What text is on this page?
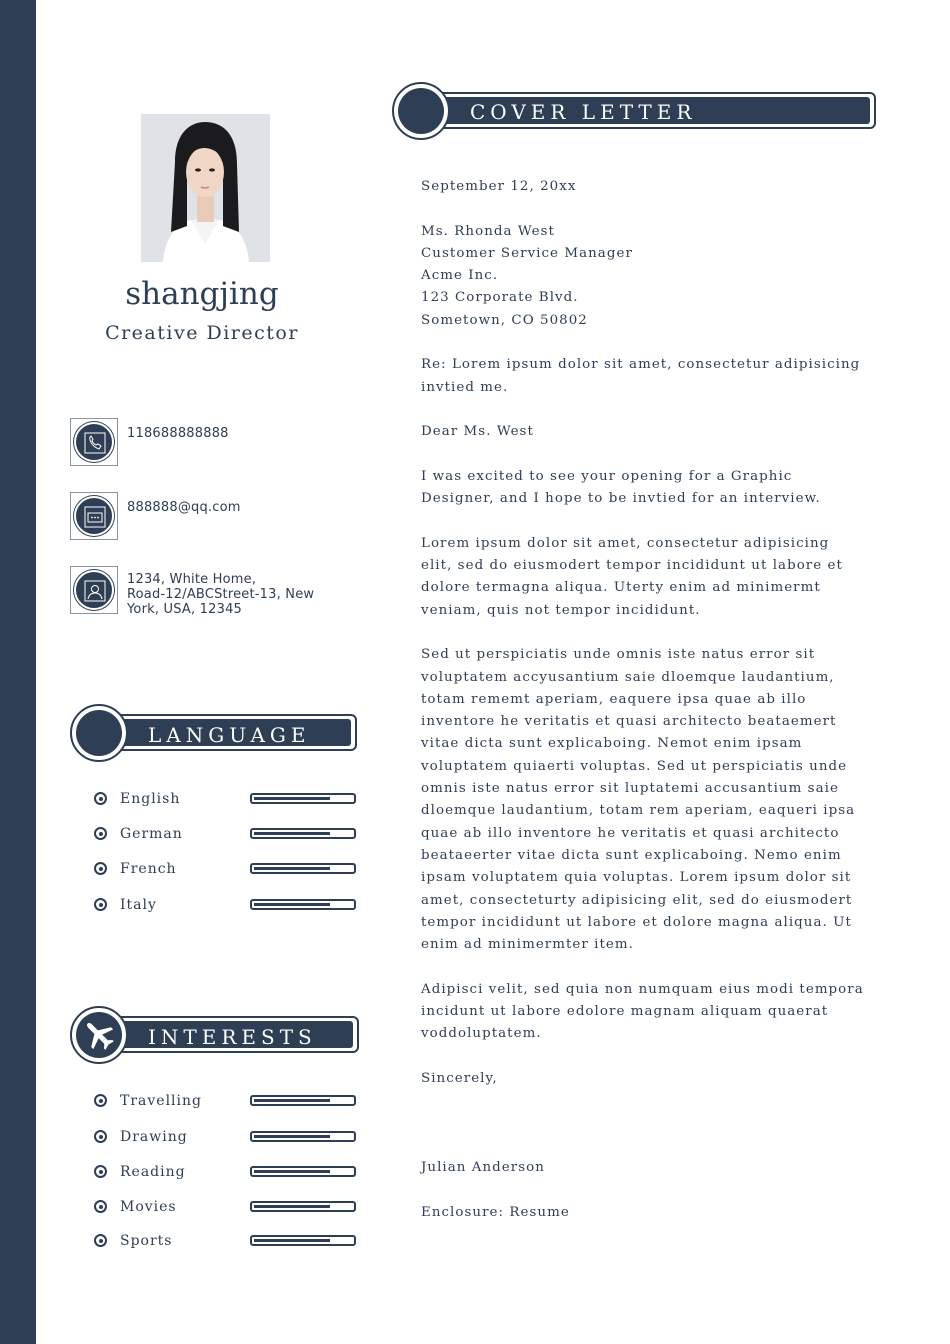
shangjing
Creative Director
118688888888
888888@qq.com
1234, White Home,
Road-12/ABCStreet-13, New
York, USA, 12345
COVER LETTER
LANGUAGE
English
German
French
Italy
INTERESTS
Travelling
Drawing
Reading
Movies
Sports
September 12, 20xx
Ms. Rhonda West
Customer Service Manager
Acme Inc.
123 Corporate Blvd.
Sometown, CO 50802
Re: Lorem ipsum dolor sit amet, consectetur adipisicing
invtied me.
Dear Ms. West
I was excited to see your opening for a Graphic
Designer, and I hope to be invtied for an interview.
Lorem ipsum dolor sit amet, consectetur adipisicing
elit, sed do eiusmodert tempor incididunt ut labore et
dolore termagna aliqua. Uterty enim ad minimermt
veniam, quis not tempor incididunt.
Sed ut perspiciatis unde omnis iste natus error sit
voluptatem accyusantium saie dloemque laudantium,
totam rememt aperiam, eaquere ipsa quae ab illo
inventore he veritatis et quasi architecto beataemert
vitae dicta sunt explicaboing. Nemot enim ipsam
voluptatem quiaerti voluptas. Sed ut perspiciatis unde
omnis iste natus error sit luptatemi accusantium saie
dloemque laudantium, totam rem aperiam, eaqueri ipsa
quae ab illo inventore he veritatis et quasi architecto
beataeerter vitae dicta sunt explicaboing. Nemo enim
ipsam voluptatem quia voluptas. Lorem ipsum dolor sit
amet, consecteturty adipisicing elit, sed do eiusmodert
tempor incididunt ut labore et dolore magna aliqua. Ut
enim ad minimermter item.
Adipisci velit, sed quia non numquam eius modi tempora
incidunt ut labore edolore magnam aliquam quaerat
voddoluptatem.
Sincerely,
Julian Anderson
Enclosure: Resume
